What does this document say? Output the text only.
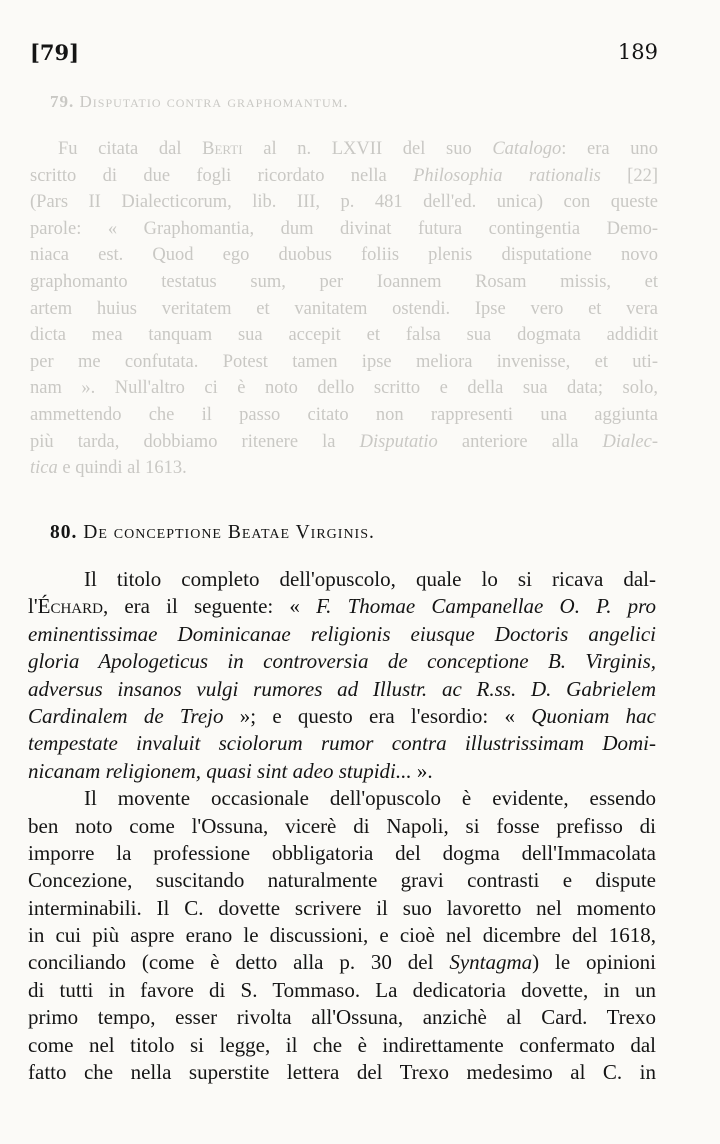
[79]	189
79. Disputatio contra graphomantum.
Fu citata dal Berti al n. LXVII del suo Catalogo: era uno
scritto di due fogli ricordato nella Philosophia rationalis [22]
(Pars II Dialecticorum, lib. III, p. 481 dell'ed. unica) con queste
parole: « Graphomantia, dum divinat futura contingentia Demo-
niaca est. Quod ego duobus foliis plenis disputatione novo
graphomanto testatus sum, per Ioannem Rosam missis, et
artem huius veritatem et vanitatem ostendi. Ipse vero et vera
dicta mea tanquam sua accepit et falsa sua dogmata addidit
per me confutata. Potest tamen ipse meliora invenisse, et uti-
nam ». Null'altro ci è noto dello scritto e della sua data; solo,
ammettendo che il passo citato non rappresenti una aggiunta
più tarda, dobbiamo ritenere la Disputatio anteriore alla Dialec-
tica e quindi al 1613.
80. De conceptione Beatae Virginis.
Il titolo completo dell'opuscolo, quale lo si ricava dal-
l'Échard, era il seguente: « F. Thomae Campanellae O. P. pro
eminentissimae Dominicanae religionis eiusque Doctoris angelici
gloria Apologeticus in controversia de conceptione B. Virginis,
adversus insanos vulgi rumores ad Illustr. ac R.ss. D. Gabrielem
Cardinalem de Trejo »; e questo era l'esordio: « Quoniam hac
tempestate invaluit sciolorum rumor contra illustrissimam Domi-
nicanam religionem, quasi sint adeo stupidi... ».
Il movente occasionale dell'opuscolo è evidente, essendo
ben noto come l'Ossuna, vicerè di Napoli, si fosse prefisso di
imporre la professione obbligatoria del dogma dell'Immacolata
Concezione, suscitando naturalmente gravi contrasti e dispute
interminabili. Il C. dovette scrivere il suo lavoretto nel momento
in cui più aspre erano le discussioni, e cioè nel dicembre del 1618,
conciliando (come è detto alla p. 30 del Syntagma) le opinioni
di tutti in favore di S. Tommaso. La dedicatoria dovette, in un
primo tempo, esser rivolta all'Ossuna, anzichè al Card. Trexo
come nel titolo si legge, il che è indirettamente confermato dal
fatto che nella superstite lettera del Trexo medesimo al C. in
